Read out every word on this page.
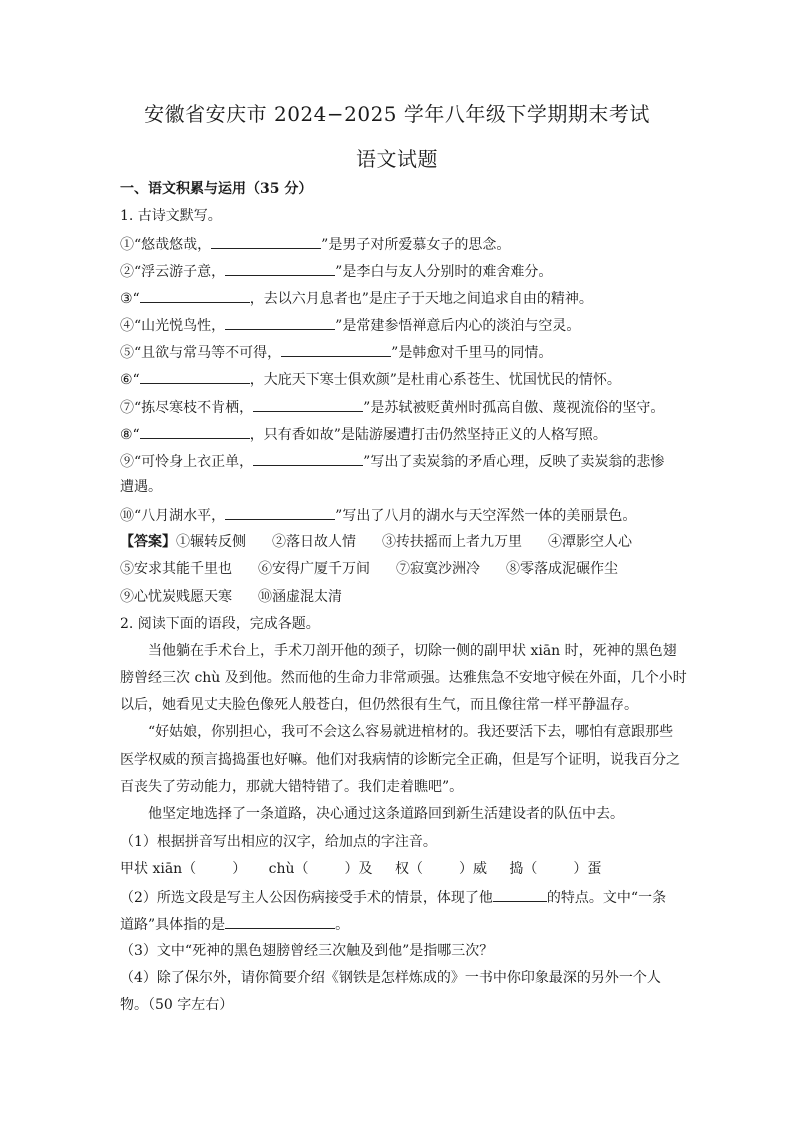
安徽省安庆市 2024−2025 学年八年级下学期期末考试
语文试题
一、语文积累与运用（35 分）
1. 古诗文默写。
①“悠哉悠哉，	”是男子对所爱慕女子的思念。
②“浮云游子意，	”是李白与友人分别时的难舍难分。
③“	，去以六月息者也”是庄子于天地之间追求自由的精神。
④“山光悦鸟性，	”是常建参悟禅意后内心的淡泊与空灵。
⑤“且欲与常马等不可得，	”是韩愈对千里马的同情。
⑥“	，大庇天下寒士俱欢颜”是杜甫心系苍生、忧国忧民的情怀。
⑦“拣尽寒枝不肯栖，	”是苏轼被贬黄州时孤高自傲、蔑视流俗的坚守。
⑧“	，只有香如故”是陆游屡遭打击仍然坚持正义的人格写照。
⑨“可怜身上衣正单，	”写出了卖炭翁的矛盾心理，反映了卖炭翁的悲惨
遭遇。
⑩“八月湖水平，	”写出了八月的湖水与天空浑然一体的美丽景色。
【答案】①辗转反侧 ②落日故人情 ③抟扶摇而上者九万里 ④潭影空人心
⑤安求其能千里也 ⑥安得广厦千万间 ⑦寂寞沙洲冷 ⑧零落成泥碾作尘
⑨心忧炭贱愿天寒 ⑩涵虚混太清
2. 阅读下面的语段，完成各题。
当他躺在手术台上，手术刀剖开他的颈子，切除一侧的副甲状 xiān 时，死神的黑色翅
膀曾经三次 chù 及到他。然而他的生命力非常顽强。达雅焦急不安地守候在外面，几个小时
以后，她看见丈夫脸色像死人般苍白，但仍然很有生气，而且像往常一样平静温存。
“好姑娘，你别担心，我可不会这么容易就进棺材的。我还要活下去，哪怕有意跟那些
医学权威的预言捣捣蛋也好嘛。他们对我病情的诊断完全正确，但是写个证明，说我百分之
百丧失了劳动能力，那就大错特错了。我们走着瞧吧”。
他坚定地选择了一条道路，决心通过这条道路回到新生活建设者的队伍中去。
（1）根据拼音写出相应的汉字，给加点的字注音。
甲状 xiān（	） chù（	）及 权（	）威 捣（	）蛋
（2）所选文段是写主人公因伤病接受手术的情景，体现了他	的特点。文中“一条
道路”具体指的是	。
（3）文中“死神的黑色翅膀曾经三次触及到他”是指哪三次？
（4）除了保尔外，请你简要介绍《钢铁是怎样炼成的》一书中你印象最深的另外一个人
物。（50 字左右）
